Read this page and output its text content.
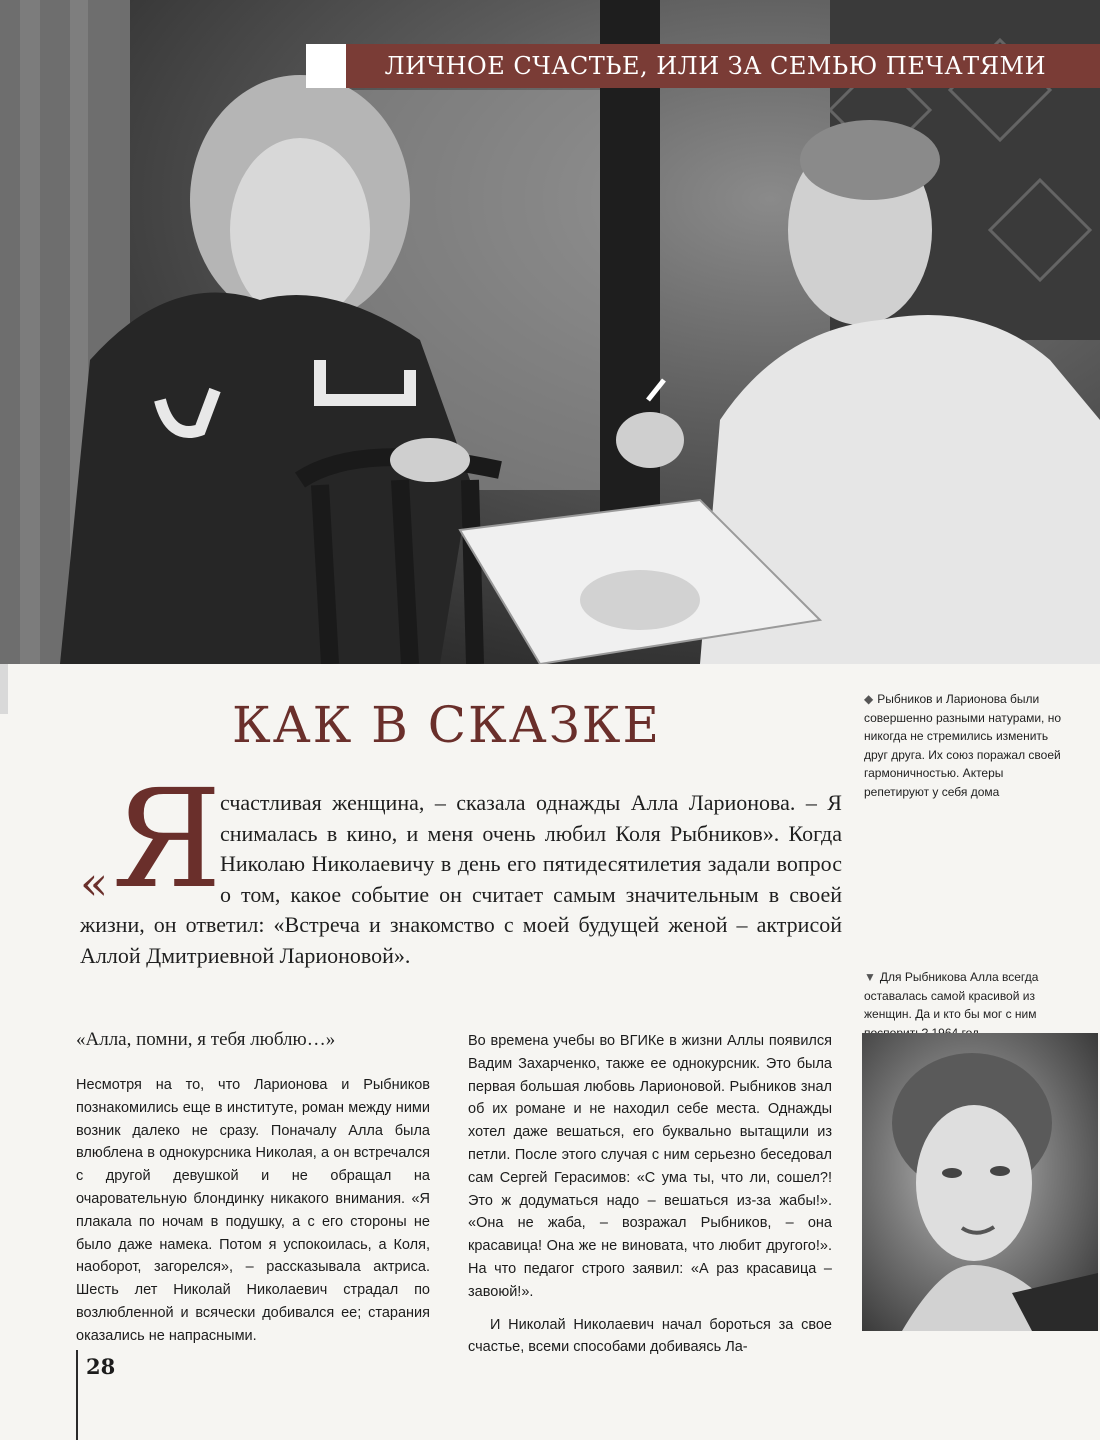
ЛИЧНОЕ СЧАСТЬЕ, ИЛИ ЗА СЕМЬЮ ПЕЧАТЯМИ
КАК В СКАЗКЕ
« Я
счастливая женщина, – сказала однажды Алла Ларионова. – Я снималась в кино, и меня очень любил Коля Рыбников». Когда Николаю Николаевичу в день его пятидесятилетия задали вопрос о том, какое событие он считает самым значительным в своей жизни, он ответил: «Встреча и знакомство с моей будущей женой – актрисой Аллой Дмитриевной Ларионовой».
◆ Рыбников и Ларионова были совершенно разными натурами, но никогда не стремились изменить друг друга. Их союз поражал своей гармоничностью. Актеры репетируют у себя дома
▼ Для Рыбникова Алла всегда оставалась самой красивой из женщин. Да и кто бы мог с ним
«Алла, помни, я тебя люблю…»

Несмотря на то, что Ларионова и Рыбников познакомились еще в институте, роман между ними возник далеко не сразу. Поначалу Алла была влюблена в однокурсника Николая, а он встречался с другой девушкой и не обращал на очаровательную блондинку никакого внимания. «Я плакала по ночам в подушку, а с его стороны не было даже намека. Потом я успокоилась, а Коля, наоборот, загорелся», – рассказывала актриса. Шесть лет Николай Николаевич страдал по возлюбленной и всячески добивался ее; старания оказались не напрасными.

Во времена учебы во ВГИКе в жизни Аллы появился Вадим Захарченко, также ее однокурсник. Это была первая большая любовь Ларионовой. Рыбников знал об их романе и не находил себе места. Однажды хотел даже вешаться, его буквально вытащили из петли. После этого случая с ним серьезно беседовал сам Сергей Герасимов: «С ума ты, что ли, сошел?! Это ж додуматься надо – вешаться из-за жабы!». «Она не жаба, – возражал Рыбников, – она красавица! Она же не виновата, что любит другого!». На что педагог строго заявил: «А раз красавица – завоюй!».

И Николай Николаевич начал бороться за свое счастье, всеми способами добиваясь Ла-

28
